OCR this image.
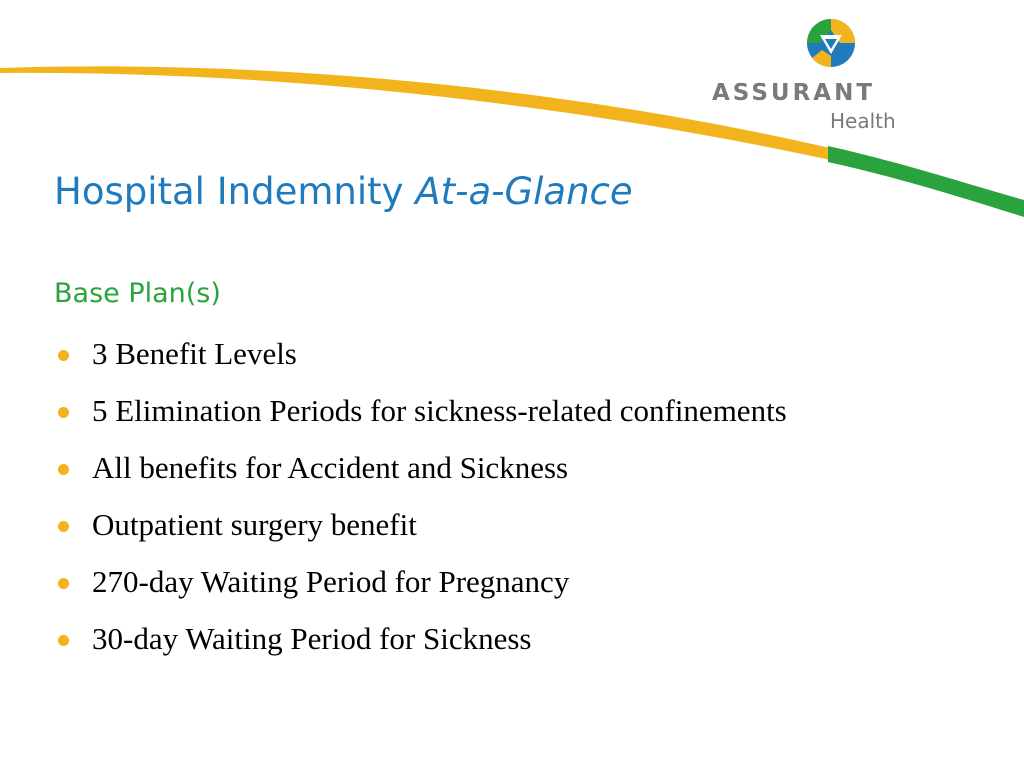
ASSURANT
Health
Hospital Indemnity At-a-Glance
Base Plan(s)
3 Benefit Levels
5 Elimination Periods for sickness-related confinements
All benefits for Accident and Sickness
Outpatient surgery benefit
270-day Waiting Period for Pregnancy
30-day Waiting Period for Sickness
